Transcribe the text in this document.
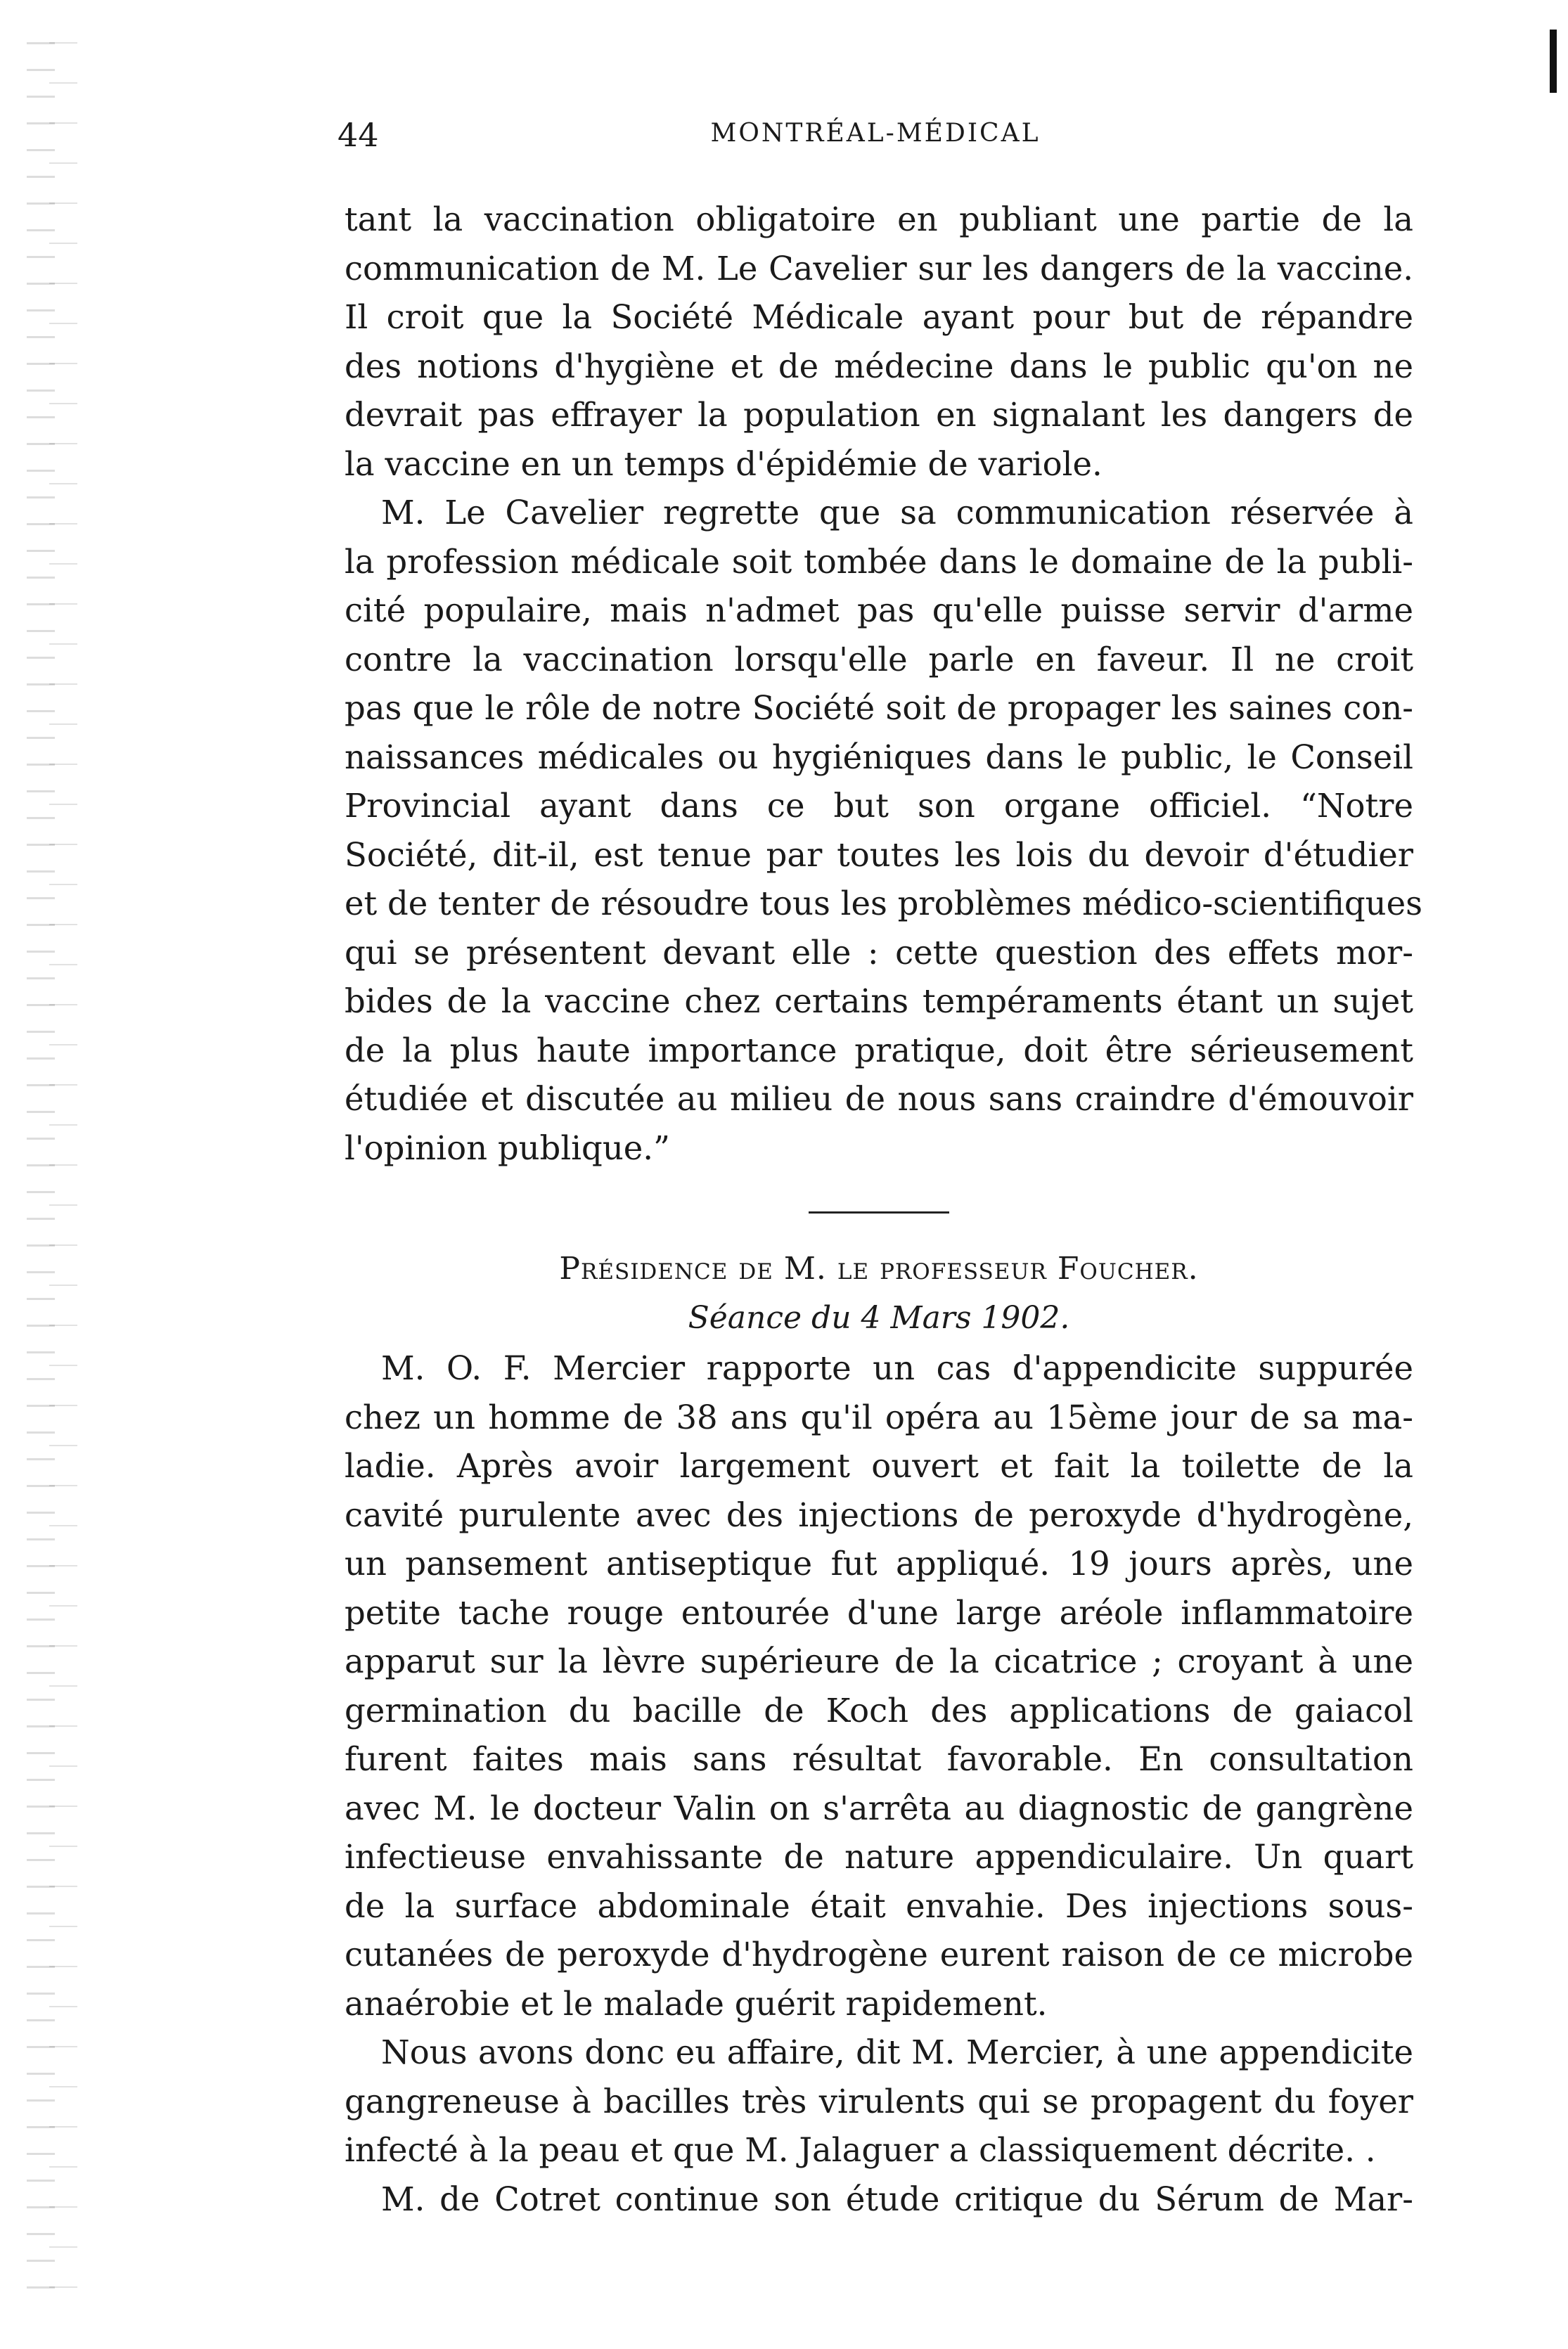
44	MONTRÉAL-MÉDICAL
tant la vaccination obligatoire en publiant une partie de la
communication de M. Le Cavelier sur les dangers de la vaccine.
Il croit que la Société Médicale ayant pour but de répandre
des notions d'hygiène et de médecine dans le public qu'on ne
devrait pas effrayer la population en signalant les dangers de
la vaccine en un temps d'épidémie de variole.
M. Le Cavelier regrette que sa communication réservée à
la profession médicale soit tombée dans le domaine de la publi-
cité populaire, mais n'admet pas qu'elle puisse servir d'arme
contre la vaccination lorsqu'elle parle en faveur. Il ne croit
pas que le rôle de notre Société soit de propager les saines con-
naissances médicales ou hygiéniques dans le public, le Conseil
Provincial ayant dans ce but son organe officiel. “Notre
Société, dit-il, est tenue par toutes les lois du devoir d'étudier
et de tenter de résoudre tous les problèmes médico-scientifiques
qui se présentent devant elle : cette question des effets mor-
bides de la vaccine chez certains tempéraments étant un sujet
de la plus haute importance pratique, doit être sérieusement
étudiée et discutée au milieu de nous sans craindre d'émouvoir
l'opinion publique.”

Présidence de M. le professeur Foucher.

Séance du 4 Mars 1902.

M. O. F. Mercier rapporte un cas d'appendicite suppurée
chez un homme de 38 ans qu'il opéra au 15ème jour de sa ma-
ladie. Après avoir largement ouvert et fait la toilette de la
cavité purulente avec des injections de peroxyde d'hydrogène,
un pansement antiseptique fut appliqué. 19 jours après, une
petite tache rouge entourée d'une large aréole inflammatoire
apparut sur la lèvre supérieure de la cicatrice ; croyant à une
germination du bacille de Koch des applications de gaiacol
furent faites mais sans résultat favorable. En consultation
avec M. le docteur Valin on s'arrêta au diagnostic de gangrène
infectieuse envahissante de nature appendiculaire. Un quart
de la surface abdominale était envahie. Des injections sous-
cutanées de peroxyde d'hydrogène eurent raison de ce microbe
anaérobie et le malade guérit rapidement.
Nous avons donc eu affaire, dit M. Mercier, à une appendicite
gangreneuse à bacilles très virulents qui se propagent du foyer
infecté à la peau et que M. Jalaguer a classiquement décrite. .
M. de Cotret continue son étude critique du Sérum de Mar-
